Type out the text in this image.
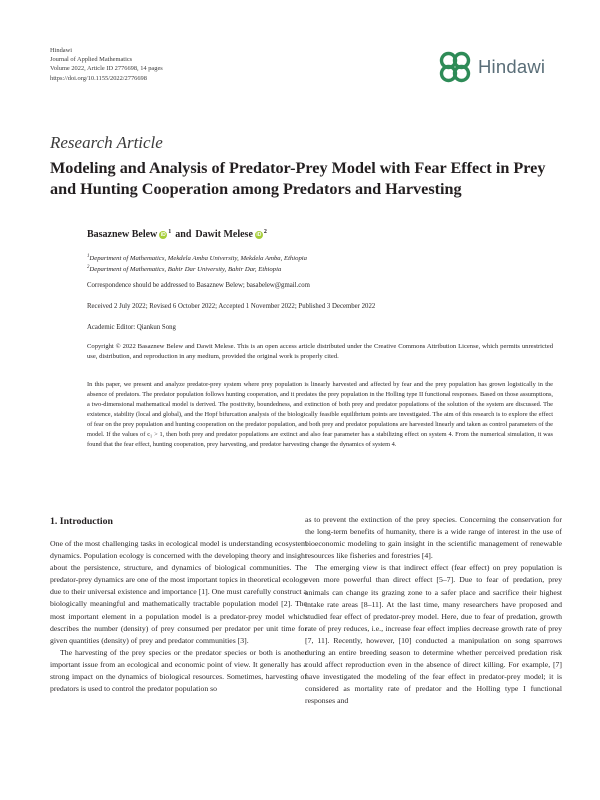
Hindawi
Journal of Applied Mathematics
Volume 2022, Article ID 2776698, 14 pages
https://doi.org/10.1155/2022/2776698
Hindawi
Research Article
Modeling and Analysis of Predator-Prey Model with Fear Effect in Prey and Hunting Cooperation among Predators and Harvesting
Basaznew Belew iD $^1$ and Dawit Melese iD $^2$
$^1$Department of Mathematics, Mekdela Amba University, Mekdela Amba, Ethiopia
$^2$Department of Mathematics, Bahir Dar University, Bahir Dar, Ethiopia
Correspondence should be addressed to Basaznew Belew; basabelew@gmail.com
Received 2 July 2022; Revised 6 October 2022; Accepted 1 November 2022; Published 3 December 2022
Academic Editor: Qiankun Song
Copyright © 2022 Basaznew Belew and Dawit Melese. This is an open access article distributed under the Creative Commons Attribution License, which permits unrestricted use, distribution, and reproduction in any medium, provided the original work is properly cited.

In this paper, we present and analyze predator-prey system where prey population is linearly harvested and affected by fear and the prey population has grown logistically in the absence of predators. The predator population follows hunting cooperation, and it predates the prey population in the Holling type II functional responses. Based on those assumptions, a two-dimensional mathematical model is derived. The positivity, boundedness, and extinction of both prey and predator populations of the solution of the system are discussed. The existence, stability (local and global), and the Hopf bifurcation analysis of the biologically feasible equilibrium points are investigated. The aim of this research is to explore the effect of fear on the prey population and hunting cooperation on the predator population, and both prey and predator populations are harvested linearly and taken as control parameters of the model. If the values of c₁ > 1, then both prey and predator populations are extinct and also fear parameter has a stabilizing effect on system 4. From the numerical simulation, it was found that the fear effect, hunting cooperation, prey harvesting, and predator harvesting change the dynamics of system 4.

1. Introduction

One of the most challenging tasks in ecological model is understanding ecosystem dynamics. Population ecology is concerned with the developing theory and insight about the persistence, structure, and dynamics of biological communities. The predator-prey dynamics are one of the most important topics in theoretical ecology due to their universal existence and importance [1]. One must carefully construct a biologically meaningful and mathematically tractable population model [2]. The most important element in a population model is a predator-prey model which describes the number (density) of prey consumed per predator per unit time for given quantities (density) of prey and predator communities [3].

The harvesting of the prey species or the predator species or both is another important issue from an ecological and economic point of view. It generally has a strong impact on the dynamics of biological resources. Sometimes, harvesting of predators is used to control the predator population so

as to prevent the extinction of the prey species. Concerning the conservation for the long-term benefits of humanity, there is a wide range of interest in the use of bioeconomic modeling to gain insight in the scientific management of renewable resources like fisheries and forestries [4].

The emerging view is that indirect effect (fear effect) on prey population is even more powerful than direct effect [5–7]. Due to fear of predation, prey animals can change its grazing zone to a safer place and sacrifice their highest intake rate areas [8–11]. At the last time, many researchers have proposed and studied fear effect of predator-prey model. Here, due to fear of predation, growth rate of prey reduces, i.e., increase fear effect implies decrease growth rate of prey [7, 11]. Recently, however, [10] conducted a manipulation on song sparrows during an entire breeding season to determine whether perceived predation risk could affect reproduction even in the absence of direct killing. For example, [7] have investigated the modeling of the fear effect in predator-prey model; it is considered as mortality rate of predator and the Holling type I functional responses and
